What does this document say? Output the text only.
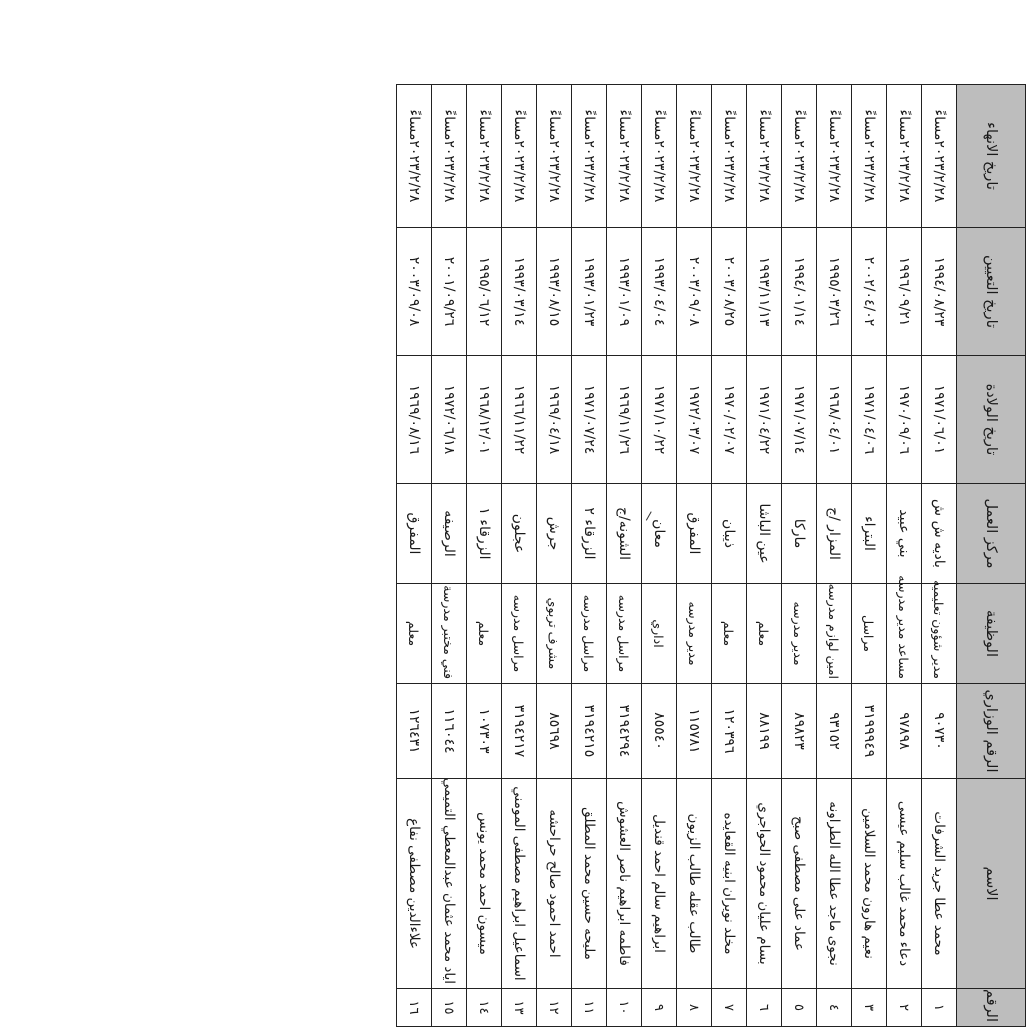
الرقم	الاسم	الرقم الوزاري	الوظيفة	مركز العمل	تاريخ الولادة	تاريخ التعيين	تاريخ الانهاء
١	محمد عطا جريد الشرفات	٩٠٧٣٠	مدير شؤون تعليميه	باديه ش ش	١٩٧١/٠٦/٠١	١٩٩٤/٠٨/٢٣	٢٠٢٣/٢/٢٨مساءً
٢	دعاء محمد غالب سليم عيسى	٩٧٨٩٨	مساعد مدير مدرسه	بني عبيد	١٩٧٠/٠٩/٠٦	١٩٩٦/٠٩/٢١	٢٠٢٣/٢/٢٨مساءً
٣	نعيم هارون محمد السلامين	٣١٩٩٩٤٩	مراسل	البتراء	١٩٧١/٠٤/٠٦	٢٠٠٢/٠٤/٠٢	٢٠٢٣/٢/٢٨مساءً
٤	نجوى ماجد عطا الله الطراونه	٩٣١٥٢	امين لوازم مدرسه	المزار /ج	١٩٦٨/٠٤/٠١	١٩٩٥/٠٣/٢٦	٢٠٢٣/٢/٢٨مساءً
٥	عماد على مصطفى صبح	٨٩٨٢٣	مدير مدرسه	ماركا	١٩٧١/٠٧/١٤	١٩٩٤/٠١/١٤	٢٠٢٣/٢/٢٨مساءً
٦	بسام عليان محمود الحواجري	٨٨١٩٩	معلم	عين الباشا	١٩٧١/٠٤/٢٢	١٩٩٣/١١/١٣	٢٠٢٣/٢/٢٨مساءً
٧	مخلد نويران ابنيه القعايده	١٢٠٣٩٦	معلم	ذيبان	١٩٧٠/٠٢/٠٧	٢٠٠٣/٠٨/٢٥	٢٠٢٣/٢/٢٨مساءً
٨	طالب عقله طالب الزيون	١١٥٧٨١	مدير مدرسه	المفرق	١٩٧٢/٠٣/٠٧	٢٠٠٣/٠٩/٠٨	٢٠٢٣/٢/٢٨مساءً
٩	ابراهيم سالم احمد قنديل	٨٥٥٤٠	اداري	معان	١٩٧١/١٠/٢٢	١٩٩٣/٠٤/٠٤	٢٠٢٣/٢/٢٨مساءً
١٠	فاطمه ابراهيم ناصر العشوش	٣١٩٤٢٩٤	مراسل مدرسه	الشونه/ج	١٩٦٩/١١/٢٦	١٩٩٣/٠١/٠٩	٢٠٢٣/٢/٢٨مساءً
١١	مليحه حسين محمد المطلق	٣١٩٤٢١٥	مراسل مدرسه	الزرقاء ٢	١٩٧١/٠٧/٢٤	١٩٩٣/٠١/٢٣	٢٠٢٣/٢/٢٨مساءً
١٢	احمد احمود صالح حراحشه	٨٥٦٩٨	مشرف تربوي	جرش	١٩٦٩/٠٤/١٨	١٩٩٣/٠٨/١٥	٢٠٢٣/٢/٢٨مساءً
١٣	اسماعيل ابراهيم مصطفى المومني	٣١٩٤٢١٧	مراسل مدرسه	عجلون	١٩٦٦/١١/٢٢	١٩٩٣/٠٣/١٤	٢٠٢٣/٢/٢٨مساءً
١٤	ميسون احمد محمد يونس	١٠٧٣٠٣	معلم	الزرقاء ١	١٩٦٨/١٢/٠١	١٩٩٥/٠٦/١٢	٢٠٢٣/٢/٢٨مساءً
١٥	اياد محمد عثمان عبدالمعطي التميمي	١١٦٠٤٤	فني مختبر مدرسة	الرصيفه	١٩٧٢/٠٦/١٨	٢٠٠١/٠٩/٢٦	٢٠٢٣/٢/٢٨مساءً
١٦	علاءالدين مصطفى نفاع	١٢٦٤٣١	معلم	المفرق	١٩٦٩/٠٨/١٦	٢٠٠٣/٠٩/٠٨	٢٠٢٣/٢/٢٨مساءً
